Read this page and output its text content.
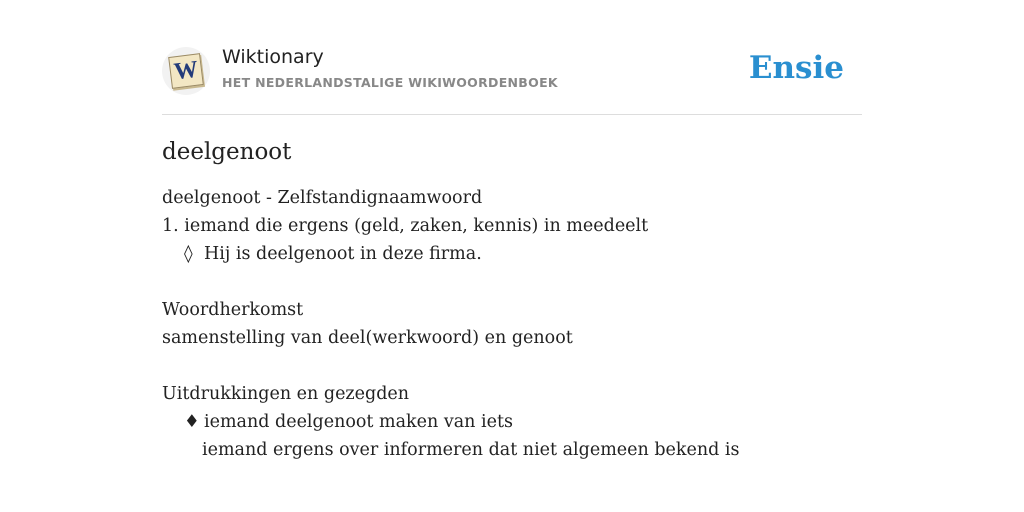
W Wiktionary
HET NEDERLANDSTALIGE WIKIWOORDENBOEK	Ensie
deelgenoot
deelgenoot - Zelfstandignaamwoord
1. iemand die ergens (geld, zaken, kennis) in meedeelt
◊ Hij is deelgenoot in deze firma.
Woordherkomst
samenstelling van deel(werkwoord) en genoot
Uitdrukkingen en gezegden
♦ iemand deelgenoot maken van iets
iemand ergens over informeren dat niet algemeen bekend is
